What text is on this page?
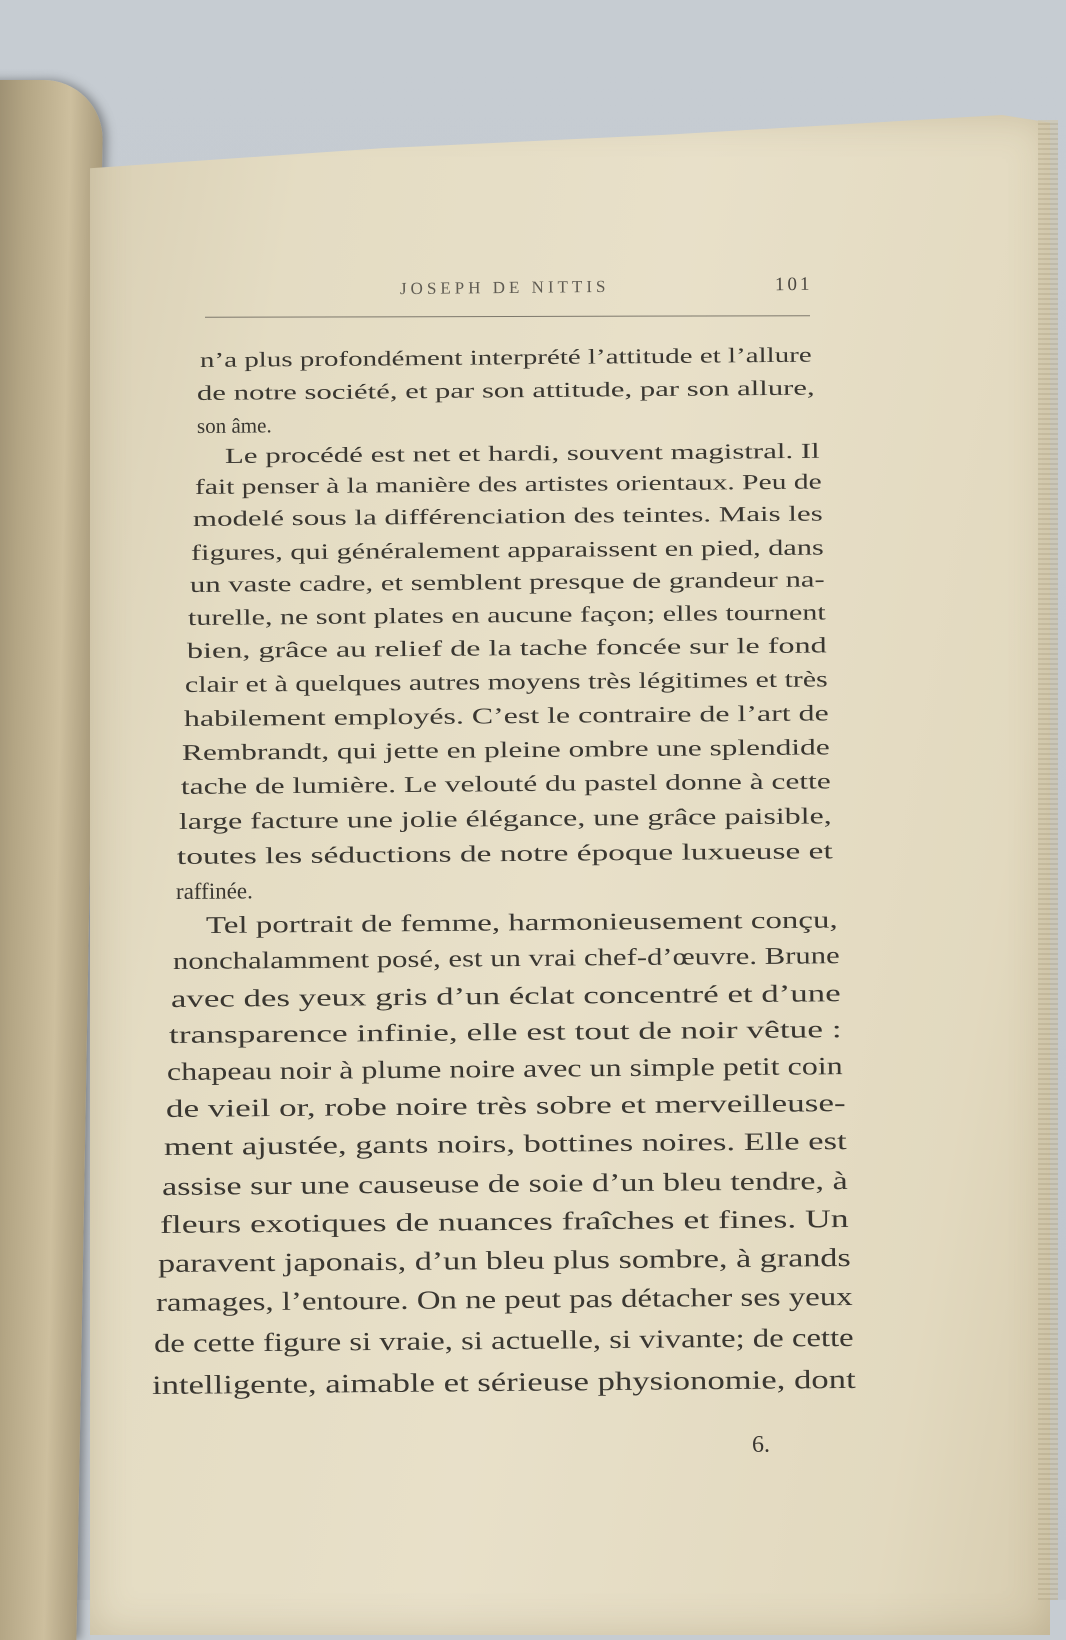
JOSEPH DE NITTIS	101
n’a plus profondément interprété l’attitude et l’allure
de notre société, et par son attitude, par son allure,
son âme.
Le procédé est net et hardi, souvent magistral. Il
fait penser à la manière des artistes orientaux. Peu de
modelé sous la différenciation des teintes. Mais les
figures, qui généralement apparaissent en pied, dans
un vaste cadre, et semblent presque de grandeur na-
turelle, ne sont plates en aucune façon; elles tournent
bien, grâce au relief de la tache foncée sur le fond
clair et à quelques autres moyens très légitimes et très
habilement employés. C’est le contraire de l’art de
Rembrandt, qui jette en pleine ombre une splendide
tache de lumière. Le velouté du pastel donne à cette
large facture une jolie élégance, une grâce paisible,
toutes les séductions de notre époque luxueuse et
raffinée.
Tel portrait de femme, harmonieusement conçu,
nonchalamment posé, est un vrai chef-d’œuvre. Brune
avec des yeux gris d’un éclat concentré et d’une
transparence infinie, elle est tout de noir vêtue :
chapeau noir à plume noire avec un simple petit coin
de vieil or, robe noire très sobre et merveilleuse-
ment ajustée, gants noirs, bottines noires. Elle est
assise sur une causeuse de soie d’un bleu tendre, à
fleurs exotiques de nuances fraîches et fines. Un
paravent japonais, d’un bleu plus sombre, à grands
ramages, l’entoure. On ne peut pas détacher ses yeux
de cette figure si vraie, si actuelle, si vivante; de cette
intelligente, aimable et sérieuse physionomie, dont
6.
